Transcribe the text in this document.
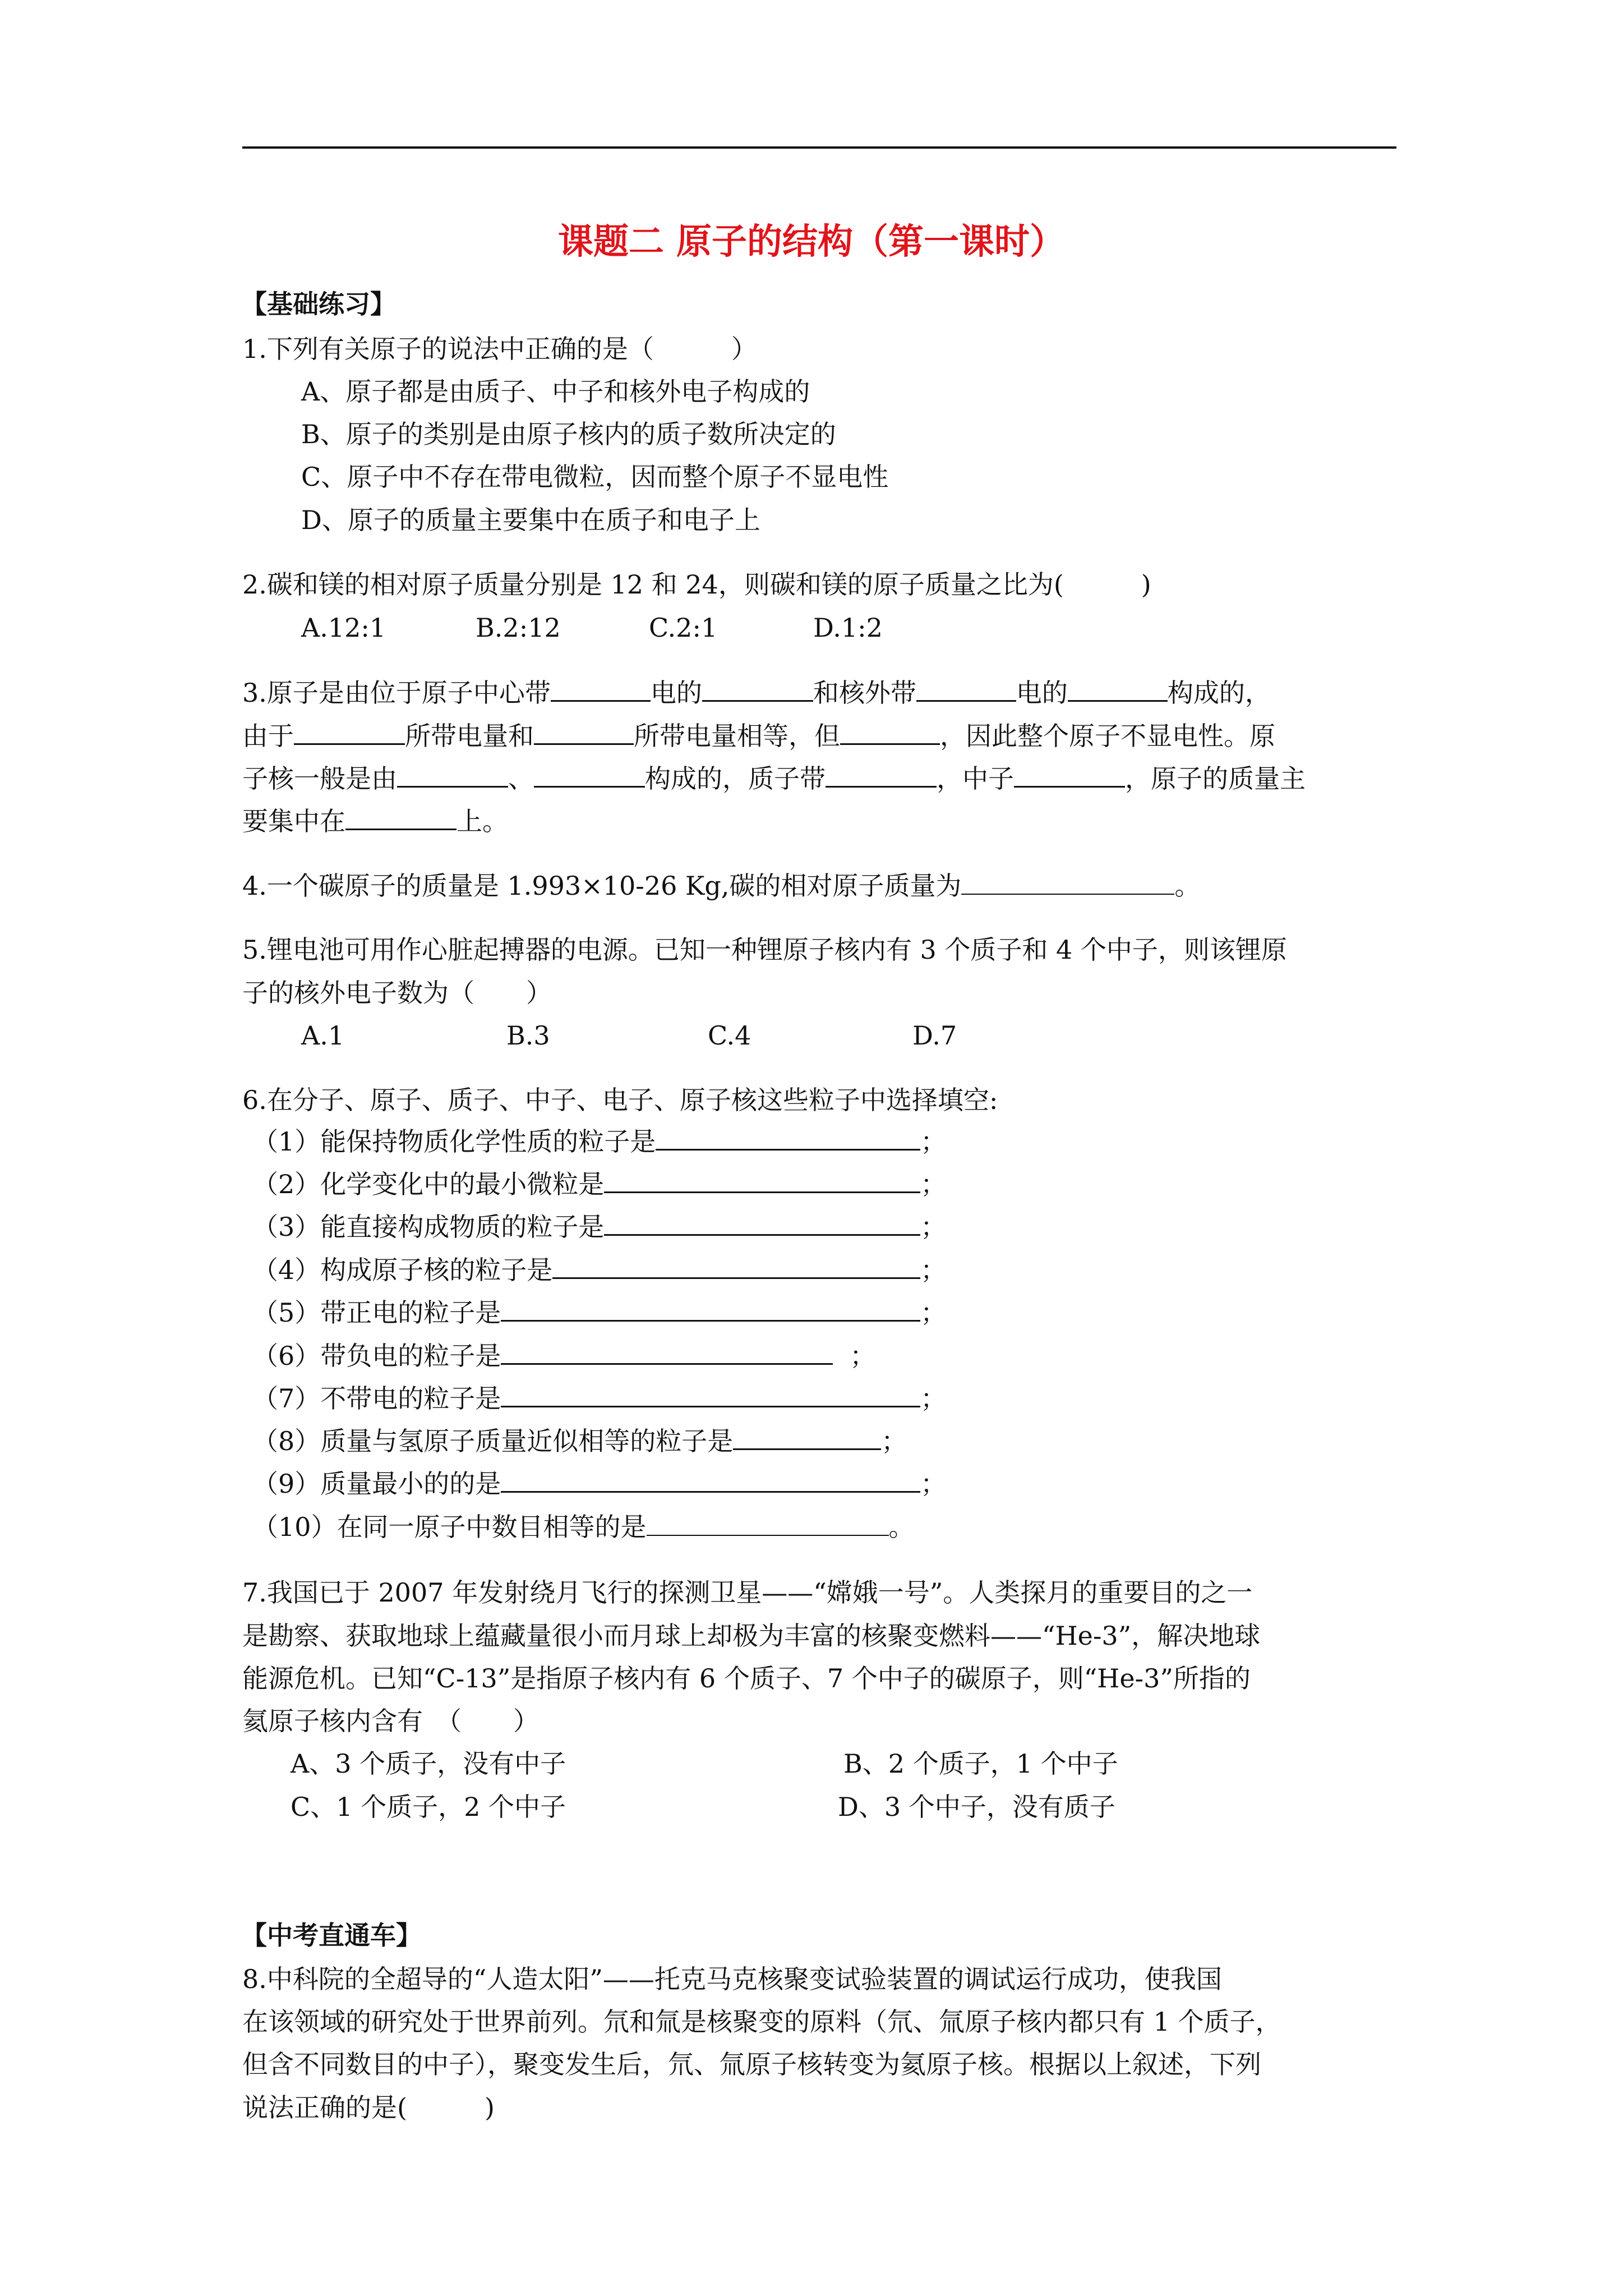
课题二 原子的结构（第一课时）
【基础练习】
1.下列有关原子的说法中正确的是（　　　）
A、原子都是由质子、中子和核外电子构成的
B、原子的类别是由原子核内的质子数所决定的
C、原子中不存在带电微粒，因而整个原子不显电性
D、原子的质量主要集中在质子和电子上
2.碳和镁的相对原子质量分别是 12 和 24，则碳和镁的原子质量之比为(　　　)
A.12:1	B.2:12	C.2:1	D.1:2
3.原子是由位于原子中心带	电的	和核外带	电的	构成的，
由于	所带电量和	所带电量相等，但	，因此整个原子不显电性。原
子核一般是由	、	构成的，质子带	，中子	，原子的质量主
要集中在	上。
4.一个碳原子的质量是 1.993×10-26 Kg,碳的相对原子质量为	。
5.锂电池可用作心脏起搏器的电源。已知一种锂原子核内有 3 个质子和 4 个中子，则该锂原
子的核外电子数为（　　）
A.1	B.3	C.4	D.7
6.在分子、原子、质子、中子、电子、原子核这些粒子中选择填空:
（1）能保持物质化学性质的粒子是	；
（2）化学变化中的最小微粒是	；
（3）能直接构成物质的粒子是	；
（4）构成原子核的粒子是	；
（5）带正电的粒子是	；
（6）带负电的粒子是	；
（7）不带电的粒子是	；
（8）质量与氢原子质量近似相等的粒子是	；
（9）质量最小的的是	；
（10）在同一原子中数目相等的是	。
7.我国已于 2007 年发射绕月飞行的探测卫星——“嫦娥一号”。人类探月的重要目的之一
是勘察、获取地球上蕴藏量很小而月球上却极为丰富的核聚变燃料——“He-3”，解决地球
能源危机。已知“C-13”是指原子核内有 6 个质子、7 个中子的碳原子，则“He-3”所指的
氦原子核内含有　（　　）
A、3 个质子，没有中子	B、2 个质子，1 个中子
C、1 个质子，2 个中子	D、3 个中子，没有质子
【中考直通车】
8.中科院的全超导的“人造太阳”——托克马克核聚变试验装置的调试运行成功，使我国
在该领域的研究处于世界前列。氘和氚是核聚变的原料（氘、氚原子核内都只有 1 个质子，
但含不同数目的中子），聚变发生后，氘、氚原子核转变为氦原子核。根据以上叙述，下列
说法正确的是(　　　)
